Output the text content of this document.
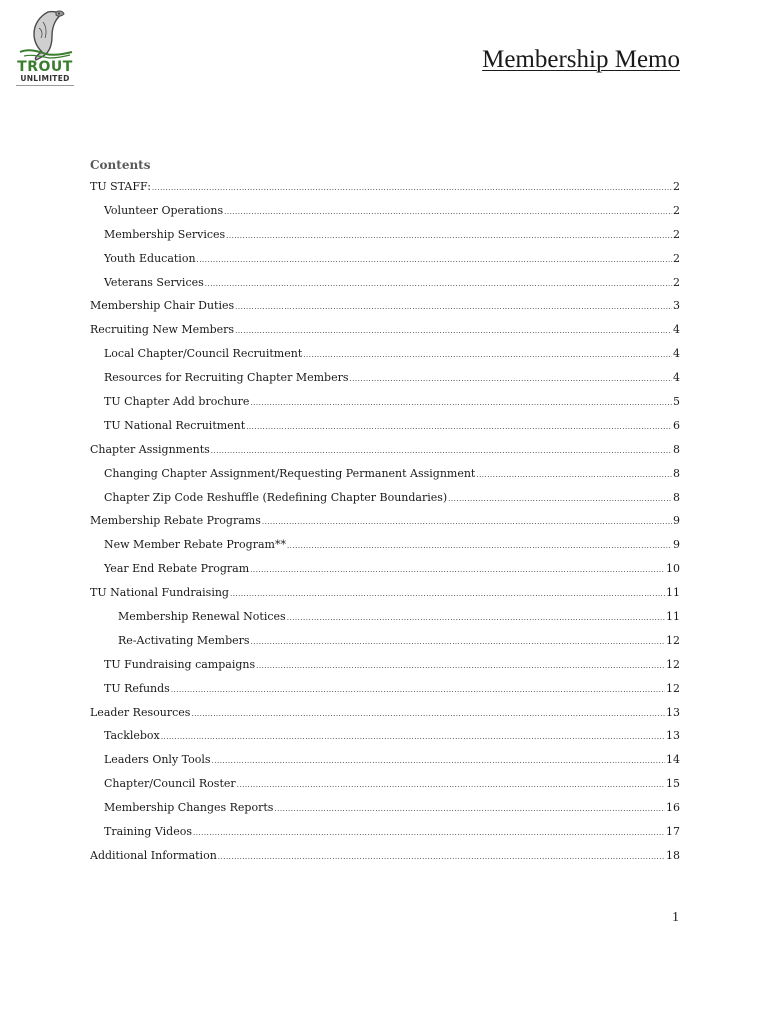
TROUT
UNLIMITED
Membership Memo
Contents
TU STAFF: .....	2
Volunteer Operations .....	2
Membership Services .....	2
Youth Education .....	2
Veterans Services .....	2
Membership Chair Duties .....	3
Recruiting New Members .....	4
Local Chapter/Council Recruitment .....	4
Resources for Recruiting Chapter Members .....	4
TU Chapter Add brochure .....	5
TU National Recruitment .....	6
Chapter Assignments .....	8
Changing Chapter Assignment/Requesting Permanent Assignment .....	8
Chapter Zip Code Reshuffle (Redefining Chapter Boundaries) .....	8
Membership Rebate Programs .....	9
New Member Rebate Program** .....	9
Year End Rebate Program .....	10
TU National Fundraising .....	11
Membership Renewal Notices .....	11
Re-Activating Members .....	12
TU Fundraising campaigns .....	12
TU Refunds .....	12
Leader Resources .....	13
Tacklebox .....	13
Leaders Only Tools .....	14
Chapter/Council Roster .....	15
Membership Changes Reports .....	16
Training Videos .....	17
Additional Information .....	18
1
